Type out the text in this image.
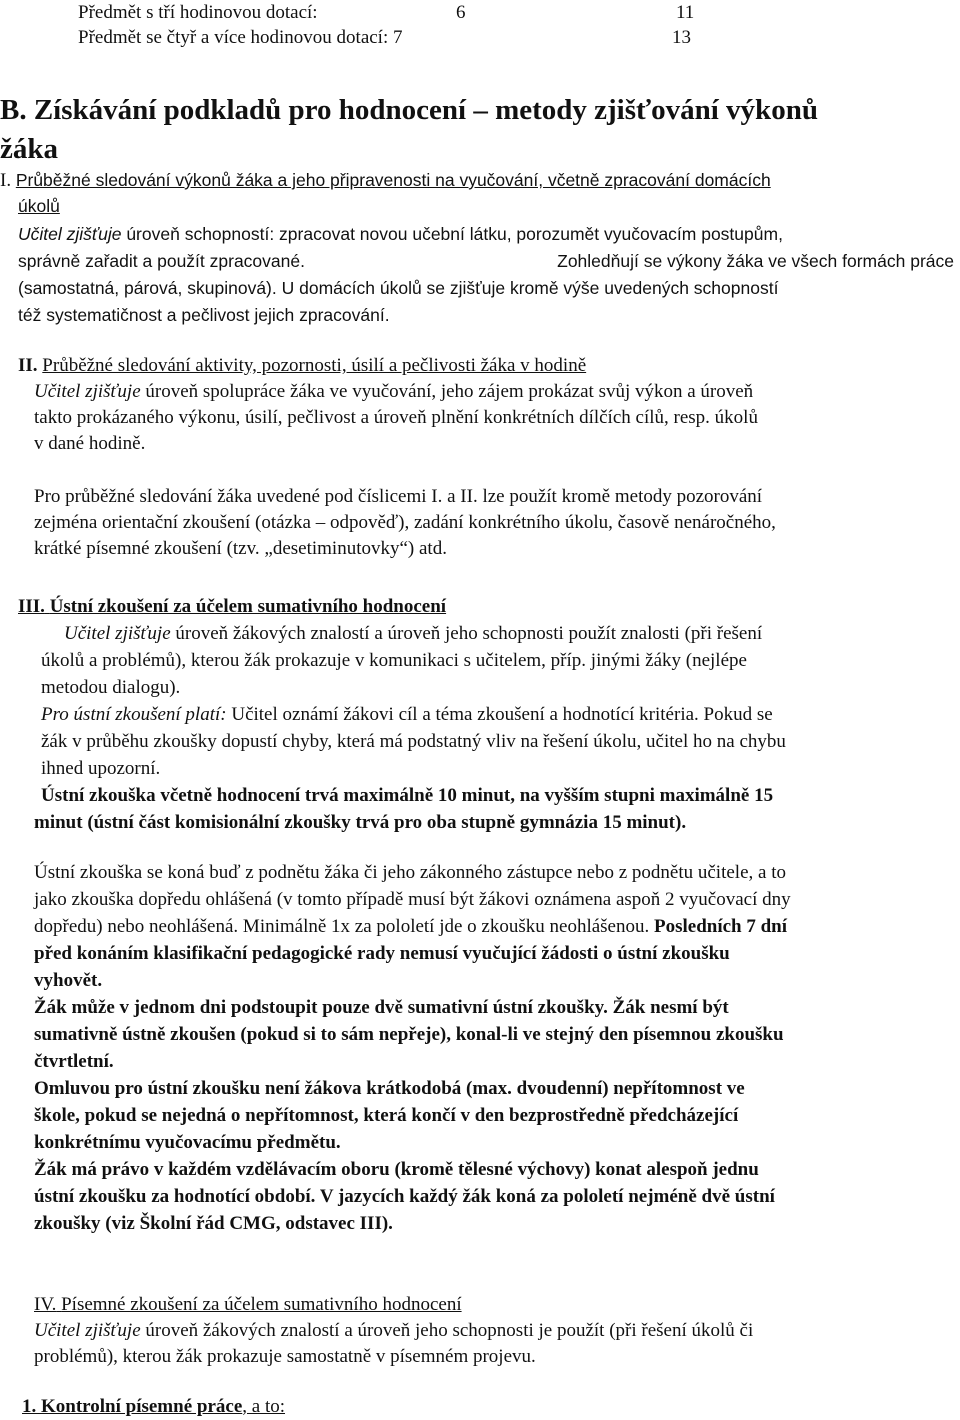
Předmět s tří hodinovou dotací:	6	11
Předmět se čtyř a více hodinovou dotací: 7	13
B. Získávání podkladů pro hodnocení – metody zjišťování výkonů
žáka
I. Průběžné sledování výkonů žáka a jeho připravenosti na vyučování, včetně zpracování domácích
úkolů
Učitel zjišťuje úroveň schopností: zpracovat novou učební látku, porozumět vyučovacím postupům,
správně zařadit a použít zpracované.	Zohledňují se výkony žáka ve všech formách práce
(samostatná, párová, skupinová). U domácích úkolů se zjišťuje kromě výše uvedených schopností
též systematičnost a pečlivost jejich zpracování.
II. Průběžné sledování aktivity, pozornosti, úsilí a pečlivosti žáka v hodině
Učitel zjišťuje úroveň spolupráce žáka ve vyučování, jeho zájem prokázat svůj výkon a úroveň
takto prokázaného výkonu, úsilí, pečlivost a úroveň plnění konkrétních dílčích cílů, resp. úkolů
v dané hodině.
Pro průběžné sledování žáka uvedené pod číslicemi I. a II. lze použít kromě metody pozorování
zejména orientační zkoušení (otázka – odpověď), zadání konkrétního úkolu, časově nenáročného,
krátké písemné zkoušení (tzv. „desetiminutovky“) atd.
III. Ústní zkoušení za účelem sumativního hodnocení
Učitel zjišťuje úroveň žákových znalostí a úroveň jeho schopnosti použít znalosti (při řešení
úkolů a problémů), kterou žák prokazuje v komunikaci s učitelem, příp. jinými žáky (nejlépe
metodou dialogu).
Pro ústní zkoušení platí: Učitel oznámí žákovi cíl a téma zkoušení a hodnotící kritéria. Pokud se
žák v průběhu zkoušky dopustí chyby, která má podstatný vliv na řešení úkolu, učitel ho na chybu
ihned upozorní.
Ústní zkouška včetně hodnocení trvá maximálně 10 minut, na vyšším stupni maximálně 15
minut (ústní část komisionální zkoušky trvá pro oba stupně gymnázia 15 minut).
Ústní zkouška se koná buď z podnětu žáka či jeho zákonného zástupce nebo z podnětu učitele, a to
jako zkouška dopředu ohlášená (v tomto případě musí být žákovi oznámena aspoň 2 vyučovací dny
dopředu) nebo neohlášená. Minimálně 1x za pololetí jde o zkoušku neohlášenou. Posledních 7 dní
před konáním klasifikační pedagogické rady nemusí vyučující žádosti o ústní zkoušku
vyhovět.
Žák může v jednom dni podstoupit pouze dvě sumativní ústní zkoušky. Žák nesmí být
sumativně ústně zkoušen (pokud si to sám nepřeje), konal-li ve stejný den písemnou zkoušku
čtvrtletní.
Omluvou pro ústní zkoušku není žákova krátkodobá (max. dvoudenní) nepřítomnost ve
škole, pokud se nejedná o nepřítomnost, která končí v den bezprostředně předcházející
konkrétnímu vyučovacímu předmětu.
Žák má právo v každém vzdělávacím oboru (kromě tělesné výchovy) konat alespoň jednu
ústní zkoušku za hodnotící období. V jazycích každý žák koná za pololetí nejméně dvě ústní
zkoušky (viz Školní řád CMG, odstavec III).
IV. Písemné zkoušení za účelem sumativního hodnocení
Učitel zjišťuje úroveň žákových znalostí a úroveň jeho schopnosti je použít (při řešení úkolů či
problémů), kterou žák prokazuje samostatně v písemném projevu.
1. Kontrolní písemné práce, a to:
